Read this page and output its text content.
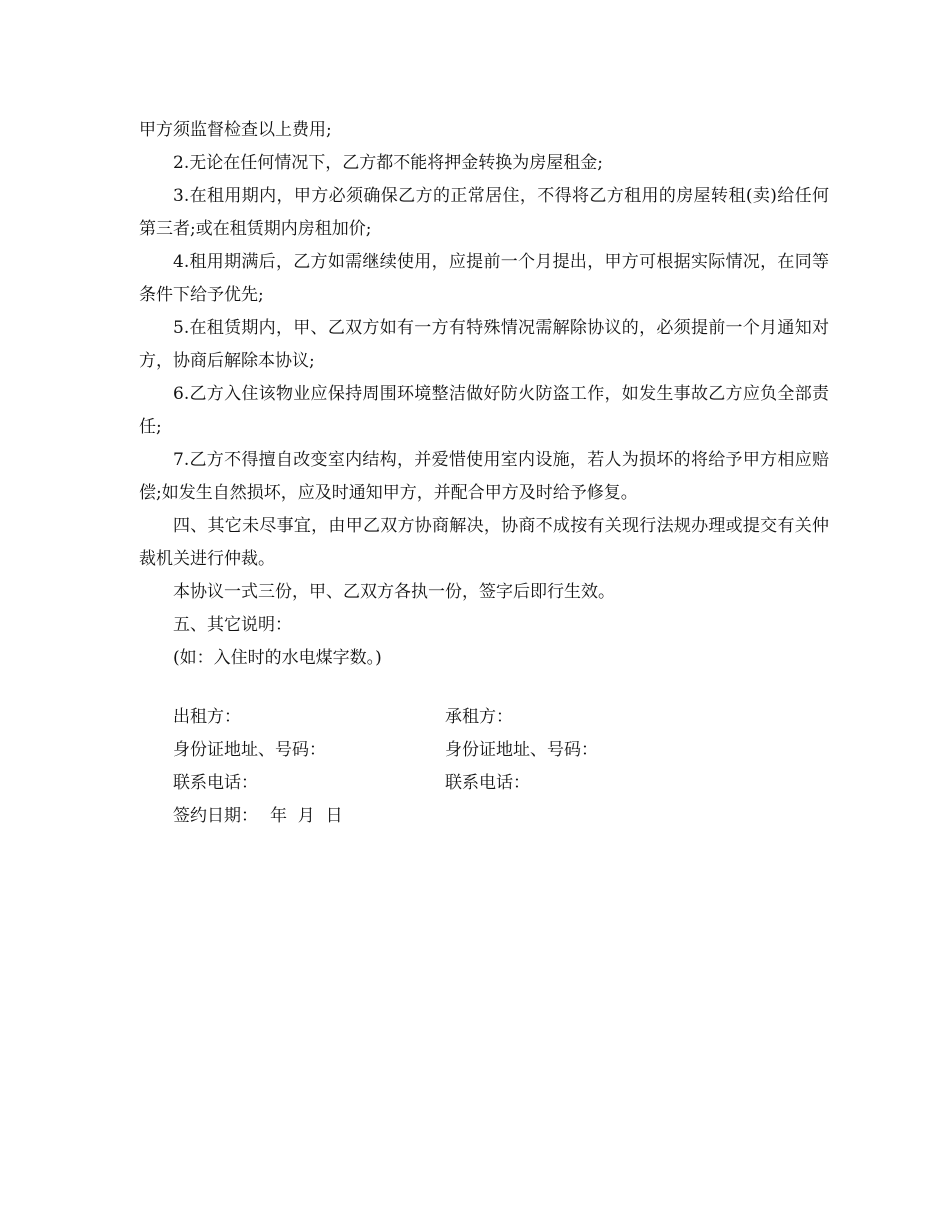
甲方须监督检查以上费用;

2.无论在任何情况下，乙方都不能将押金转换为房屋租金;

3.在租用期内，甲方必须确保乙方的正常居住，不得将乙方租用的房屋转租(卖)给任何第三者;或在租赁期内房租加价;

4.租用期满后，乙方如需继续使用，应提前一个月提出，甲方可根据实际情况，在同等条件下给予优先;

5.在租赁期内，甲、乙双方如有一方有特殊情况需解除协议的，必须提前一个月通知对方，协商后解除本协议;

6.乙方入住该物业应保持周围环境整洁做好防火防盗工作，如发生事故乙方应负全部责任;

7.乙方不得擅自改变室内结构，并爱惜使用室内设施，若人为损坏的将给予甲方相应赔偿;如发生自然损坏，应及时通知甲方，并配合甲方及时给予修复。

四、其它未尽事宜，由甲乙双方协商解决，协商不成按有关现行法规办理或提交有关仲裁机关进行仲裁。

本协议一式三份，甲、乙双方各执一份，签字后即行生效。

五、其它说明：

(如：入住时的水电煤字数。)

出租方：	承租方：
身份证地址、号码：	身份证地址、号码：
联系电话：	联系电话：
签约日期： 年  月  日
